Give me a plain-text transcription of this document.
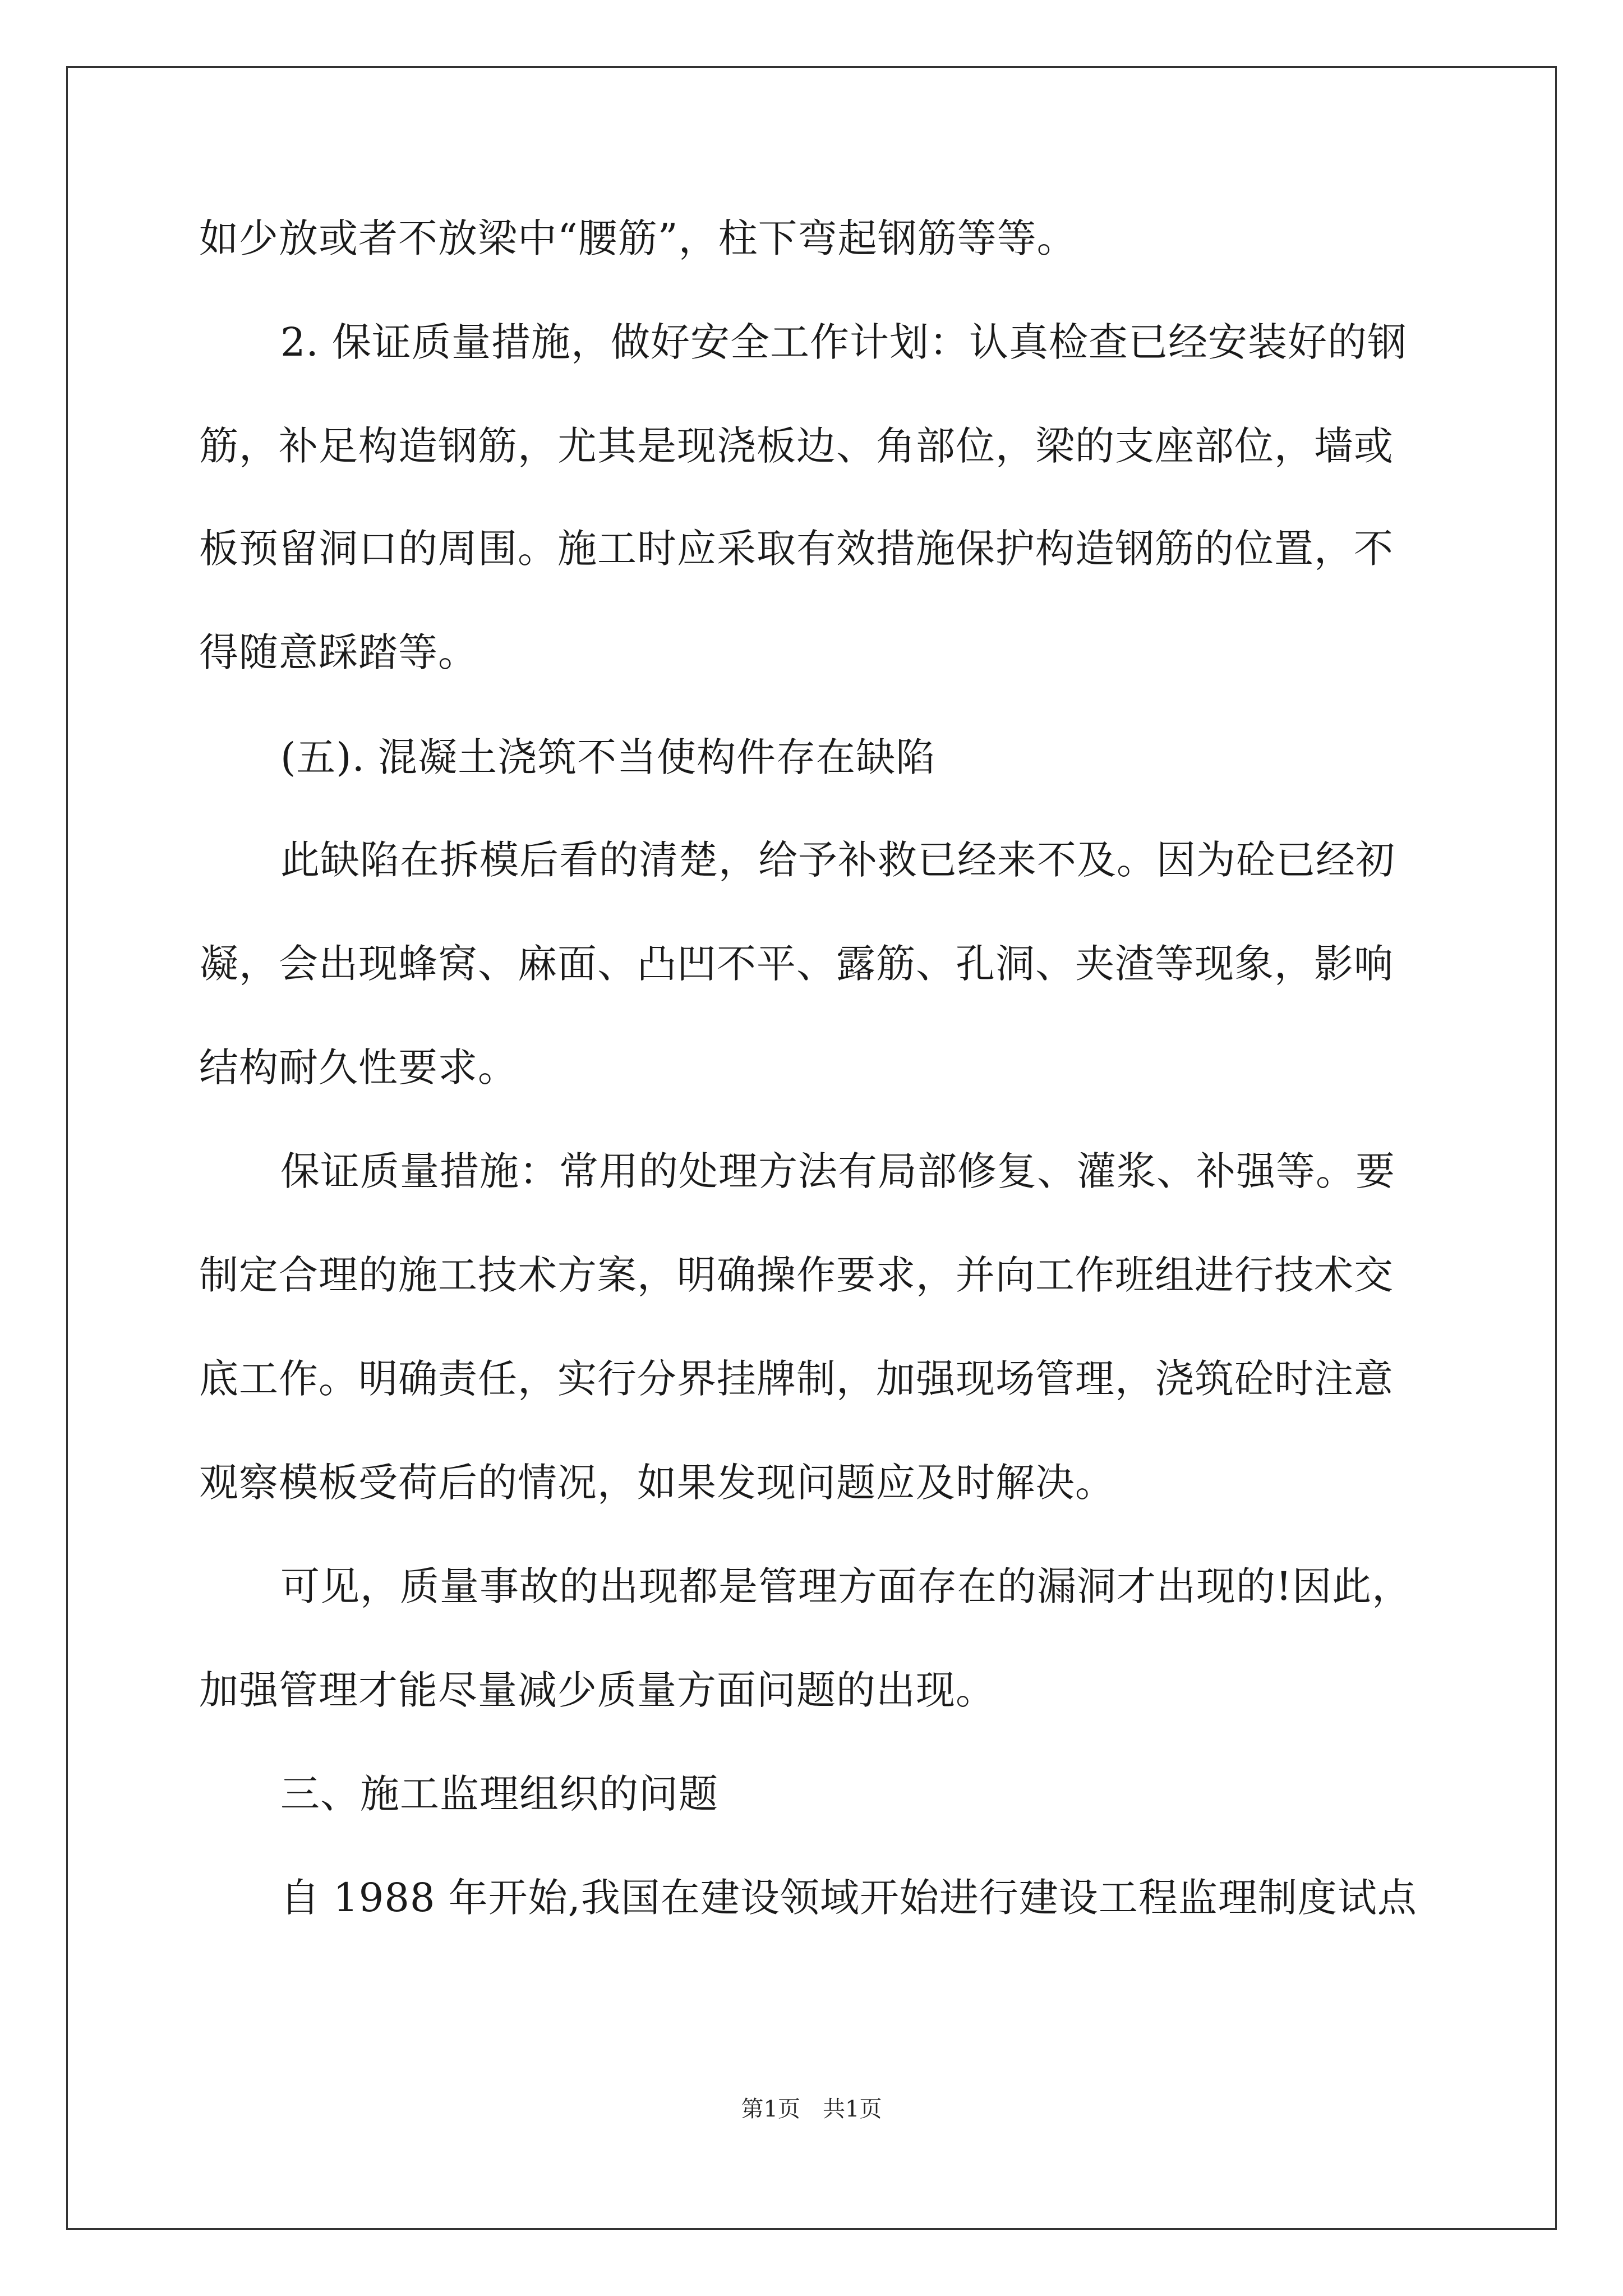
如少放或者不放梁中“腰筋”，柱下弯起钢筋等等。
2. 保证质量措施，做好安全工作计划：认真检查已经安装好的钢
筋，补足构造钢筋，尤其是现浇板边、角部位，梁的支座部位，墙或
板预留洞口的周围。施工时应采取有效措施保护构造钢筋的位置，不
得随意踩踏等。
(五). 混凝土浇筑不当使构件存在缺陷
此缺陷在拆模后看的清楚，给予补救已经来不及。因为砼已经初
凝，会出现蜂窝、麻面、凸凹不平、露筋、孔洞、夹渣等现象，影响
结构耐久性要求。
保证质量措施：常用的处理方法有局部修复、灌浆、补强等。要
制定合理的施工技术方案，明确操作要求，并向工作班组进行技术交
底工作。明确责任，实行分界挂牌制，加强现场管理，浇筑砼时注意
观察模板受荷后的情况，如果发现问题应及时解决。
可见，质量事故的出现都是管理方面存在的漏洞才出现的!因此，
加强管理才能尽量减少质量方面问题的出现。
三、施工监理组织的问题
自 1988 年开始,我国在建设领域开始进行建设工程监理制度试点
第1页　共1页
